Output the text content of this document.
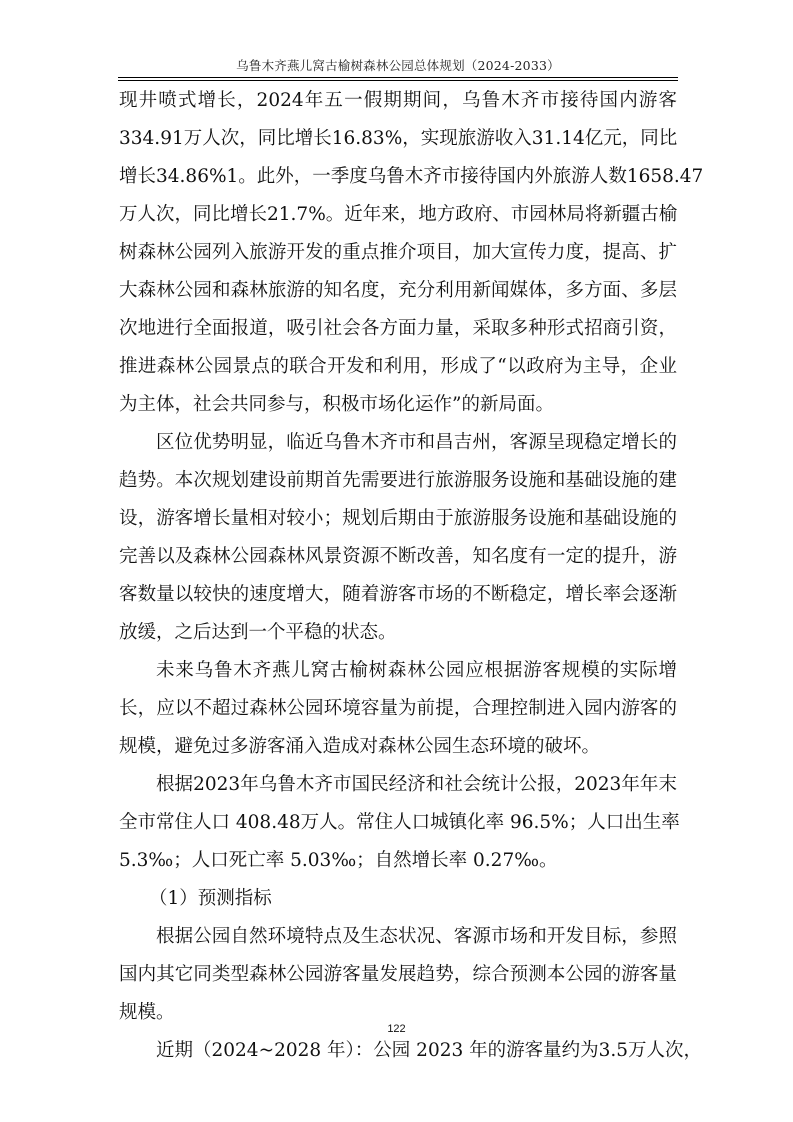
乌鲁木齐燕儿窝古榆树森林公园总体规划（2024-2033）
现井喷式增长，2024年五一假期期间，乌鲁木齐市接待国内游客
334.91万人次，同比增长16.83%，实现旅游收入31.14亿元，同比
增长34.86%1。此外，一季度乌鲁木齐市接待国内外旅游人数1658.47
万人次，同比增长21.7%。近年来，地方政府、市园林局将新疆古榆
树森林公园列入旅游开发的重点推介项目，加大宣传力度，提高、扩
大森林公园和森林旅游的知名度，充分利用新闻媒体，多方面、多层
次地进行全面报道，吸引社会各方面力量，采取多种形式招商引资，
推进森林公园景点的联合开发和利用，形成了“以政府为主导，企业
为主体，社会共同参与，积极市场化运作”的新局面。
区位优势明显，临近乌鲁木齐市和昌吉州，客源呈现稳定增长的
趋势。本次规划建设前期首先需要进行旅游服务设施和基础设施的建
设，游客增长量相对较小；规划后期由于旅游服务设施和基础设施的
完善以及森林公园森林风景资源不断改善，知名度有一定的提升，游
客数量以较快的速度增大，随着游客市场的不断稳定，增长率会逐渐
放缓，之后达到一个平稳的状态。
未来乌鲁木齐燕儿窝古榆树森林公园应根据游客规模的实际增
长，应以不超过森林公园环境容量为前提，合理控制进入园内游客的
规模，避免过多游客涌入造成对森林公园生态环境的破坏。
根据2023年乌鲁木齐市国民经济和社会统计公报，2023年年末
全市常住人口 408.48万人。常住人口城镇化率 96.5%；人口出生率
5.3‰；人口死亡率 5.03‰；自然增长率 0.27‰。
（1）预测指标
根据公园自然环境特点及生态状况、客源市场和开发目标，参照
国内其它同类型森林公园游客量发展趋势，综合预测本公园的游客量
规模。
近期（2024~2028 年）：公园 2023 年的游客量约为3.5万人次，
122
